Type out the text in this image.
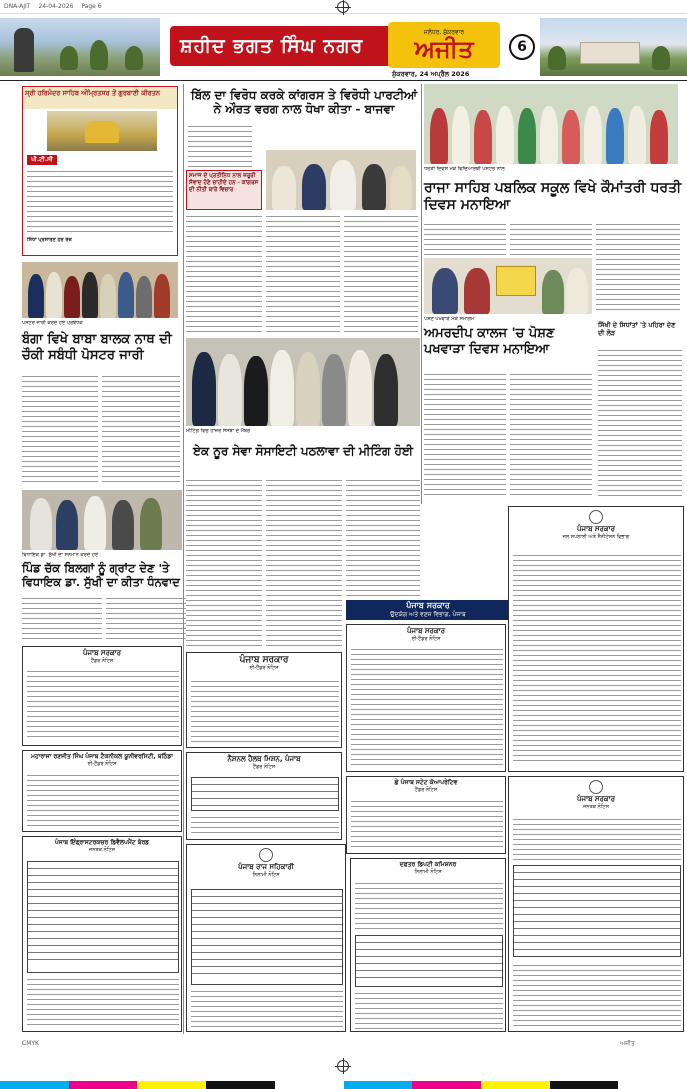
DNA-AJIT 24-04-2026 Page 6
ਸ਼ਹੀਦ ਭਗਤ ਸਿੰਘ ਨਗਰ
ਜਲੰਧਰ, ਸ਼ੁੱਕਰਵਾਰ
ਅਜੀਤ
ਸ਼ੁੱਕਰਵਾਰ, 24 ਅਪ੍ਰੈਲ 2026
6
ਸ੍ਰੀ ਹਰਿਮੰਦਰ ਸਾਹਿਬ ਅੰਮ੍ਰਿਤਸਰ ਤੋਂ ਗੁਰਬਾਣੀ ਕੀਰਤਨ
ਪੀ.ਟੀ.ਸੀ
ਸਿੱਧਾ ਪ੍ਰਸਾਰਣ ਹਰ ਰੋਜ਼
ਪੋਸਟਰ ਜਾਰੀ ਕਰਦੇ ਹੋਏ ਪ੍ਰਬੰਧਕ
ਬੰਗਾ ਵਿਖੇ ਬਾਬਾ ਬਾਲਕ ਨਾਥ ਦੀ ਚੌਕੀ ਸਬੰਧੀ ਪੋਸਟਰ ਜਾਰੀ
ਵਿਧਾਇਕ ਡਾ. ਸੁੱਖੀ ਦਾ ਸਨਮਾਨ ਕਰਦੇ ਹੋਏ
ਪਿੰਡ ਚੱਕ ਬਿਲਗਾਂ ਨੂੰ ਗ੍ਰਾਂਟ ਦੇਣ 'ਤੇ ਵਿਧਾਇਕ ਡਾ. ਸੁੱਖੀ ਦਾ ਕੀਤਾ ਧੰਨਵਾਦ
ਬਿੱਲ ਦਾ ਵਿਰੋਧ ਕਰਕੇ ਕਾਂਗਰਸ ਤੇ ਵਿਰੋਧੀ ਪਾਰਟੀਆਂ ਨੇ ਔਰਤ ਵਰਗ ਨਾਲ ਧੋਖਾ ਕੀਤਾ - ਬਾਜਵਾ
ਸਮਾਜ ਦੇ ਪ੍ਰਤੀਨਿਧ ਨਾਲ ਜ਼ਰੂਰੀ ਸੰਵਾਦ ਹੋਣੇ ਚਾਹੀਦੇ ਹਨ - ਕਾਂਗਰਸ ਦੀ ਨੀਤੀ ਬਾਰੇ ਵਿਚਾਰ
ਮੀਟਿੰਗ ਵਿਚ ਹਾਜ਼ਰ ਸੰਸਥਾ ਦੇ ਮੈਂਬਰ
ਏਕ ਨੂਰ ਸੇਵਾ ਸੋਸਾਇਟੀ ਪਠਲਾਵਾ ਦੀ ਮੀਟਿੰਗ ਹੋਈ
ਪੰਜਾਬ ਸਰਕਾਰ
ਉਦਯੋਗ ਅਤੇ ਵਣਜ ਵਿਭਾਗ, ਪੰਜਾਬ
ਧਰਤੀ ਦਿਵਸ ਮੌਕੇ ਵਿਦਿਆਰਥੀ ਪੋਸਟਰ ਨਾਲ
ਰਾਜਾ ਸਾਹਿਬ ਪਬਲਿਕ ਸਕੂਲ ਵਿਖੇ ਕੌਮਾਂਤਰੀ ਧਰਤੀ ਦਿਵਸ ਮਨਾਇਆ
ਪੋਸ਼ਣ ਪਖਵਾੜੇ ਮੌਕੇ ਸਮਾਗਮ
ਅਮਰਦੀਪ ਕਾਲਜ 'ਚ ਪੋਸ਼ਣ ਪਖਵਾੜਾ ਦਿਵਸ ਮਨਾਇਆ
ਸਿੱਖੀ ਦੇ ਸਿਧਾਂਤਾਂ 'ਤੇ ਪਹਿਰਾ ਦੇਣ ਦੀ ਲੋੜ
ਪੰਜਾਬ ਸਰਕਾਰ
ਜਲ ਸਪਲਾਈ ਅਤੇ ਸੈਨੀਟੇਸ਼ਨ ਵਿਭਾਗ
ਪੰਜਾਬ ਸਰਕਾਰ
ਈ-ਟੈਂਡਰ ਨੋਟਿਸ
ਪੰਜਾਬ ਸਰਕਾਰ
ਟੈਂਡਰ ਨੋਟਿਸ	ਪੰਜਾਬ ਸਰਕਾਰ
ਈ-ਟੈਂਡਰ ਨੋਟਿਸ
ਮਹਾਰਾਜਾ ਰਣਜੀਤ ਸਿੰਘ ਪੰਜਾਬ ਟੈਕਨੀਕਲ ਯੂਨੀਵਰਸਿਟੀ, ਬਠਿੰਡਾ
ਈ-ਟੈਂਡਰ ਨੋਟਿਸ
ਨੈਸ਼ਨਲ ਹੈਲਥ ਮਿਸ਼ਨ, ਪੰਜਾਬ
ਟੈਂਡਰ ਨੋਟਿਸ
ਛੇ ਪੰਜਾਬ ਸਟੇਟ ਕੋਆਪਰੇਟਿਵ
ਟੈਂਡਰ ਨੋਟਿਸ
ਪੰਜਾਬ ਇੰਫ੍ਰਾਸਟਰਕਚਰ ਡਿਵੈਲਪਮੈਂਟ ਬੋਰਡ
ਜਨਤਕ ਨੋਟਿਸ
ਪੰਜਾਬ ਰਾਜ ਸਹਿਕਾਰੀ
ਨਿਲਾਮੀ ਨੋਟਿਸ
ਦਫ਼ਤਰ ਡਿਪਟੀ ਕਮਿਸ਼ਨਰ
ਨਿਲਾਮੀ ਨੋਟਿਸ
ਪੰਜਾਬ ਸਰਕਾਰ
ਜਨਤਕ ਨੋਟਿਸ
CMYK	ਅਜੀਤ
